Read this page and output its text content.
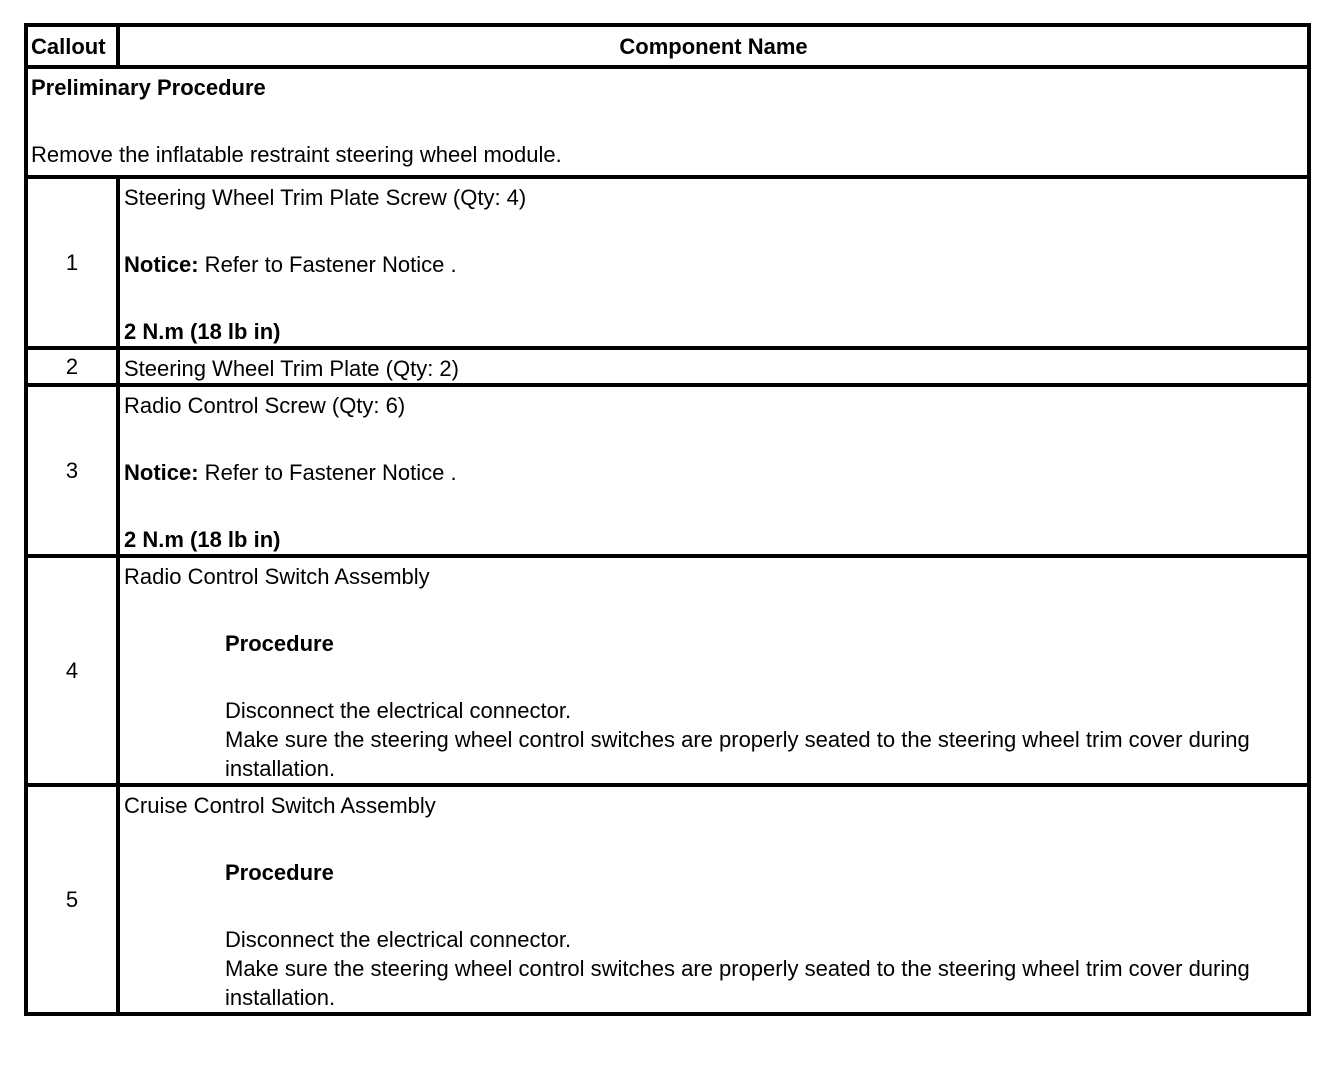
Callout	Component Name

Preliminary Procedure
Remove the inflatable restraint steering wheel module.	

1	Steering Wheel Trim Plate Screw (Qty: 4)
Notice: Refer to Fastener Notice .
2 N.m (18 lb in)

2	Steering Wheel Trim Plate (Qty: 2)

3	Radio Control Screw (Qty: 6)
Notice: Refer to Fastener Notice .
2 N.m (18 lb in)

4	Radio Control Switch Assembly
Procedure
Disconnect the electrical connector.
Make sure the steering wheel control switches are properly seated to the steering wheel trim cover during installation.

5	Cruise Control Switch Assembly
Procedure
Disconnect the electrical connector.
Make sure the steering wheel control switches are properly seated to the steering wheel trim cover during installation.
